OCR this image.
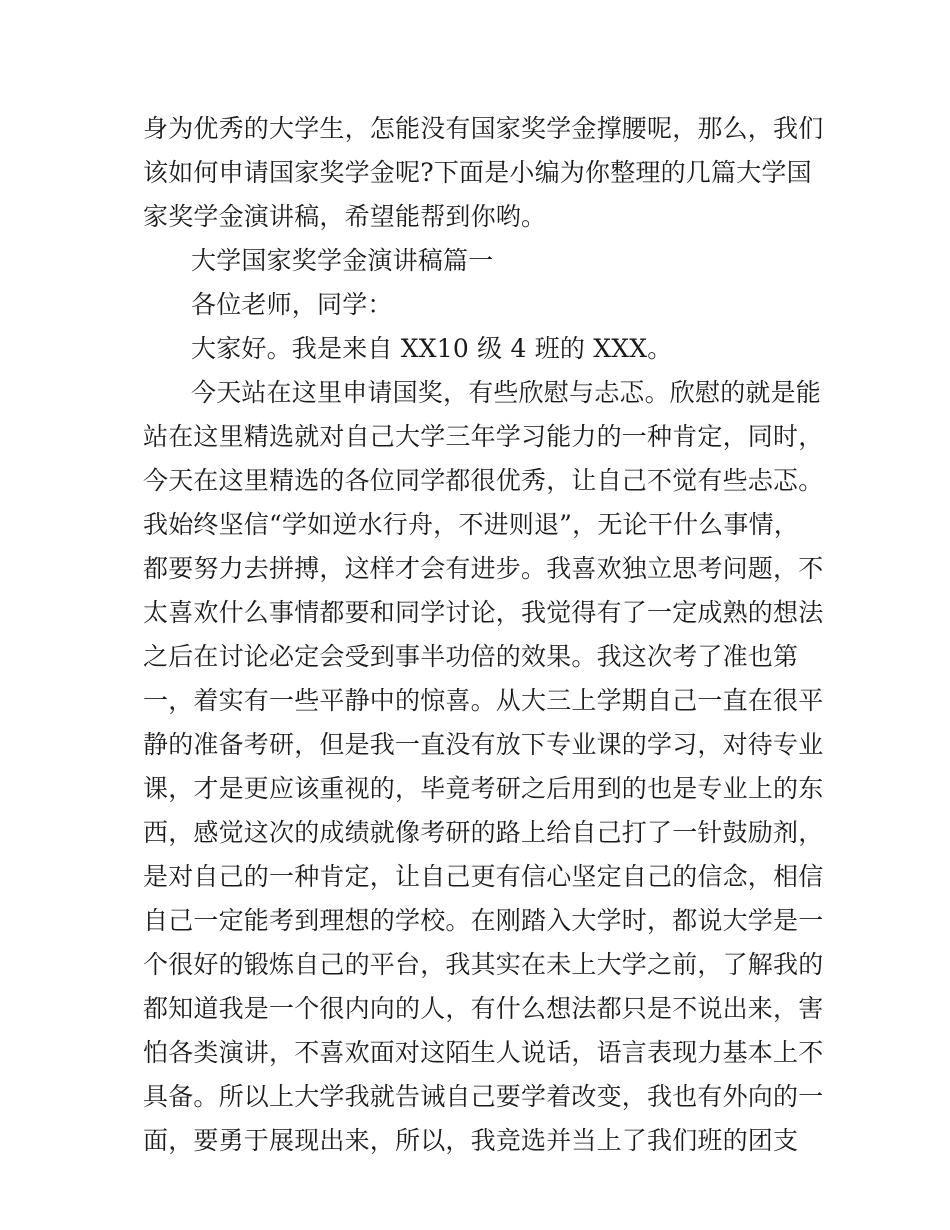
身为优秀的大学生，怎能没有国家奖学金撑腰呢，那么，我们
该如何申请国家奖学金呢?下面是小编为你整理的几篇大学国
家奖学金演讲稿，希望能帮到你哟。
大学国家奖学金演讲稿篇一
各位老师，同学：
大家好。我是来自 XX10 级 4 班的 XXX。
今天站在这里申请国奖，有些欣慰与忐忑。欣慰的就是能
站在这里精选就对自己大学三年学习能力的一种肯定，同时，
今天在这里精选的各位同学都很优秀，让自己不觉有些忐忑。
我始终坚信“学如逆水行舟，不进则退”，无论干什么事情，
都要努力去拼搏，这样才会有进步。我喜欢独立思考问题，不
太喜欢什么事情都要和同学讨论，我觉得有了一定成熟的想法
之后在讨论必定会受到事半功倍的效果。我这次考了准也第
一，着实有一些平静中的惊喜。从大三上学期自己一直在很平
静的准备考研，但是我一直没有放下专业课的学习，对待专业
课，才是更应该重视的，毕竟考研之后用到的也是专业上的东
西，感觉这次的成绩就像考研的路上给自己打了一针鼓励剂，
是对自己的一种肯定，让自己更有信心坚定自己的信念，相信
自己一定能考到理想的学校。在刚踏入大学时，都说大学是一
个很好的锻炼自己的平台，我其实在未上大学之前，了解我的
都知道我是一个很内向的人，有什么想法都只是不说出来，害
怕各类演讲，不喜欢面对这陌生人说话，语言表现力基本上不
具备。所以上大学我就告诫自己要学着改变，我也有外向的一
面，要勇于展现出来，所以，我竞选并当上了我们班的团支
